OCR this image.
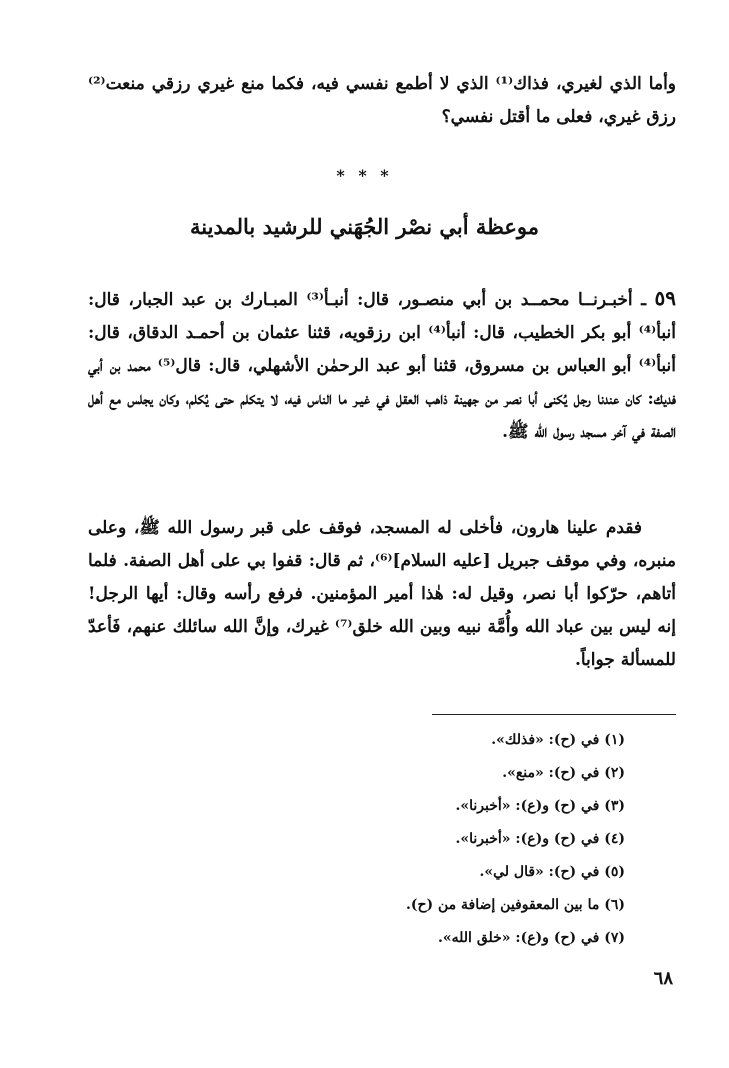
وأما الذي لغيري، فذاك⁽¹⁾ الذي لا أطمع نفسي فيه، فكما منع غيري رزقي منعت⁽²⁾ رزق غيري، فعلى ما أقتل نفسي؟

* * *
موعظة أبي نصْر الجُهَني للرشيد بالمدينة

٥٩ ـ أخبـرنــا محمــد بن أبي منصـور، قال: أنبـأ⁽³⁾ المبـارك بن عبد الجبار، قال: أنبأ⁽⁴⁾ أبو بكر الخطيب، قال: أنبأ⁽⁴⁾ ابن رزقويه، قثنا عثمان بن أحمـد الدقاق، قال: أنبأ⁽⁴⁾ أبو العباس بن مسروق، قثنا أبو عبد الرحمٰن الأشهلي، قال: قال⁽⁵⁾ محمد بن أبي فديك: كان عندنا رجل يُكنى أبا نصر من جهينة ذاهب العقل في غيـر ما الناس فيه، لا يتكلم حتى يُكلم، وكان يجلس مع أهل الصفة في آخر مسجد رسول الله ﷺ.

فقدم علينا هارون، فأخلى له المسجد، فوقف على قبر رسول الله ﷺ، وعلى منبره، وفي موقف جبريل [عليه السلام]⁽⁶⁾، ثم قال: قفوا بي على أهل الصفة. فلما أتاهم، حرّكوا أبا نصر، وقيل له: هٰذا أمير المؤمنين. فرفع رأسه وقال: أيها الرجل! إنه ليس بين عباد الله وأُمَّة نبيه وبين الله خلق⁽⁷⁾ غيرك، وإنَّ الله سائلك عنهم، فَأعدّ للمسألة جواباً.

(١) في (ح): «فذلك».
(٢) في (ح): «منع».
(٣) في (ح) و(ع): «أخبرنا».
(٤) في (ح) و(ع): «أخبرنا».
(٥) في (ح): «قال لي».
(٦) ما بين المعقوفين إضافة من (ح).
(٧) في (ح) و(ع): «خلق الله».
٦٨
